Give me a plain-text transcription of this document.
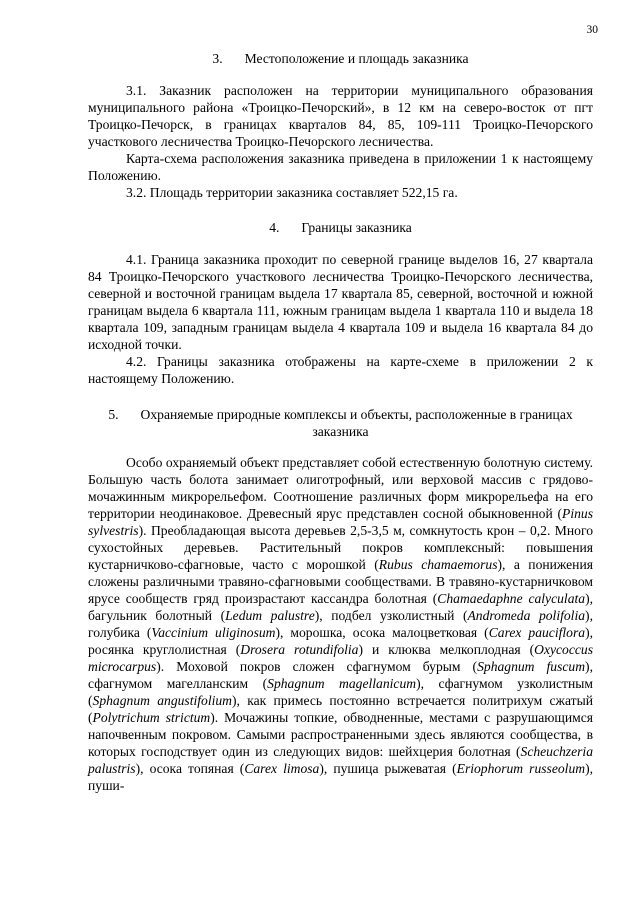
30
3. Местоположение и площадь заказника

3.1. Заказник расположен на территории муниципального образования муниципального района «Троицко-Печорский», в 12 км на северо-восток от пгт Троицко-Печорск, в границах кварталов 84, 85, 109-111 Троицко-Печорского участкового лесничества Троицко-Печорского лесничества.

Карта-схема расположения заказника приведена в приложении 1 к настоящему Положению.

3.2. Площадь территории заказника составляет 522,15 га.

4. Границы заказника

4.1. Граница заказника проходит по северной границе выделов 16, 27 квартала 84 Троицко-Печорского участкового лесничества Троицко-Печорского лесничества, северной и восточной границам выдела 17 квартала 85, северной, восточной и южной границам выдела 6 квартала 111, южным границам выдела 1 квартала 110 и выдела 18 квартала 109, западным границам выдела 4 квартала 109 и выдела 16 квартала 84 до исходной точки.

4.2. Границы заказника отображены на карте-схеме в приложении 2 к настоящему Положению.

5. Охраняемые природные комплексы и объекты, расположенные в границах заказника

Особо охраняемый объект представляет собой естественную болотную систему. Большую часть болота занимает олиготрофный, или верховой массив с грядово-мочажинным микрорельефом. Соотношение различных форм микрорельефа на его территории неодинаковое. Древесный ярус представлен сосной обыкновенной (Pinus sylvestris). Преобладающая высота деревьев 2,5-3,5 м, сомкнутость крон – 0,2. Много сухостойных деревьев. Растительный покров комплексный: повышения кустарничково-сфагновые, часто с морошкой (Rubus chamaemorus), а понижения сложены различными травяно-сфагновыми сообществами. В травяно-кустарничковом ярусе сообществ гряд произрастают кассандра болотная (Chamaedaphne calyculata), багульник болотный (Ledum palustre), подбел узколистный (Andromeda polifolia), голубика (Vaccinium uliginosum), морошка, осока малоцветковая (Carex pauciflora), росянка круглолистная (Drosera rotundifolia) и клюква мелкоплодная (Oxycoccus microcarpus). Моховой покров сложен сфагнумом бурым (Sphagnum fuscum), сфагнумом магелланским (Sphagnum magellanicum), сфагнумом узколистным (Sphagnum angustifolium), как примесь постоянно встречается политрихум сжатый (Polytrichum strictum). Мочажины топкие, обводненные, местами с разрушающимся напочвенным покровом. Самыми распространенными здесь являются сообщества, в которых господствует один из следующих видов: шейхцерия болотная (Scheuchzeria palustris), осока топяная (Carex limosa), пушица рыжеватая (Eriophorum russeolum), пуши-
